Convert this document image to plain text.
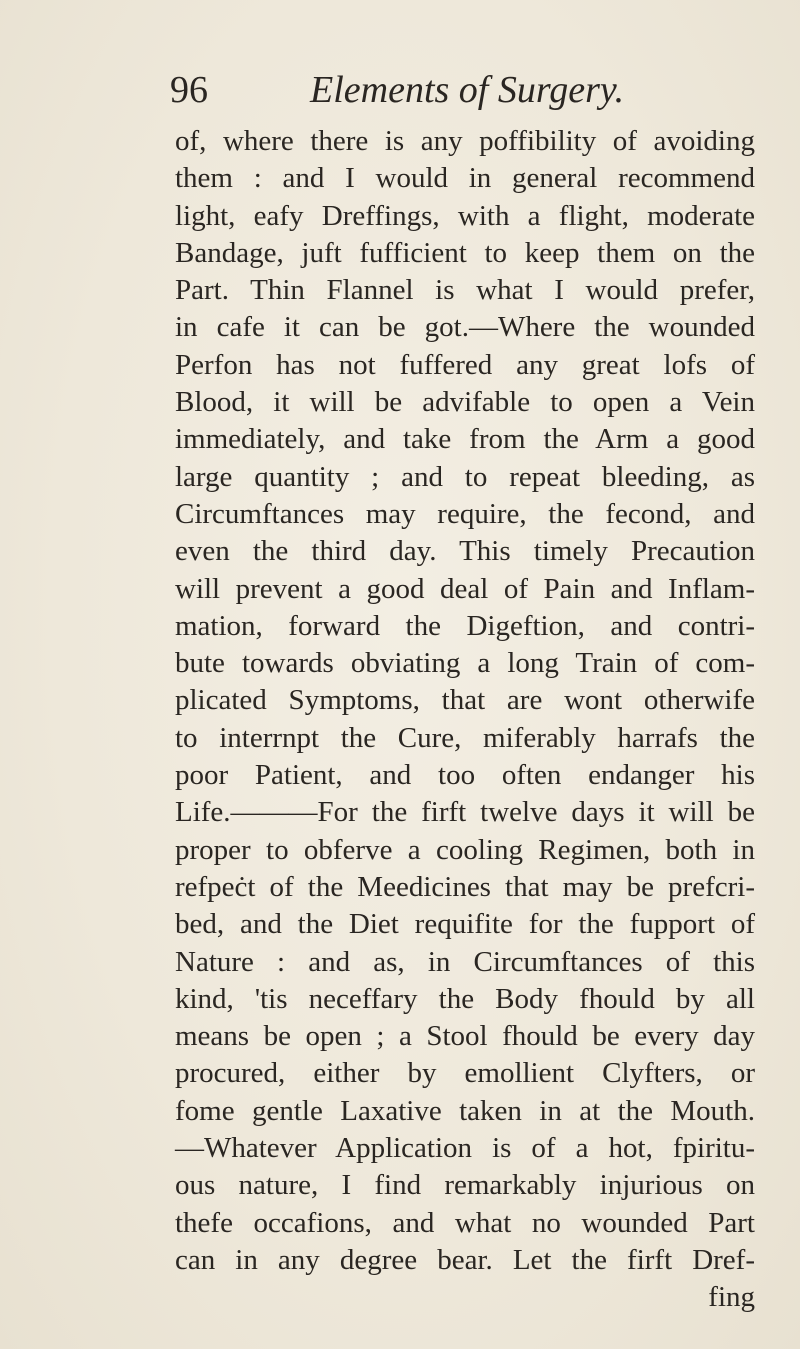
96	Elements of Surgery.
of, where there is any poffibility of avoiding
them : and I would in general recommend
light, eafy Dreffings, with a flight, moderate
Bandage, juft fufficient to keep them on the
Part. Thin Flannel is what I would prefer,
in cafe it can be got.—Where the wounded
Perfon has not fuffered any great lofs of
Blood, it will be advifable to open a Vein
immediately, and take from the Arm a good
large quantity ; and to repeat bleeding, as
Circumftances may require, the fecond, and
even the third day. This timely Precaution
will prevent a good deal of Pain and Inflam-
mation, forward the Digeftion, and contri-
bute towards obviating a long Train of com-
plicated Symptoms, that are wont otherwife
to interrnpt the Cure, miferably harrafs the
poor Patient, and too often endanger his
Life.———For the firft twelve days it will be
proper to obferve a cooling Regimen, both in
refpeċt of the Meedicines that may be prefcri-
bed, and the Diet requifite for the fupport of
Nature : and as, in Circumftances of this
kind, 'tis neceffary the Body fhould by all
means be open ; a Stool fhould be every day
procured, either by emollient Clyfters, or
fome gentle Laxative taken in at the Mouth.
—Whatever Application is of a hot, fpiritu-
ous nature, I find remarkably injurious on
thefe occafions, and what no wounded Part
can in any degree bear. Let the firft Dref-
fing
